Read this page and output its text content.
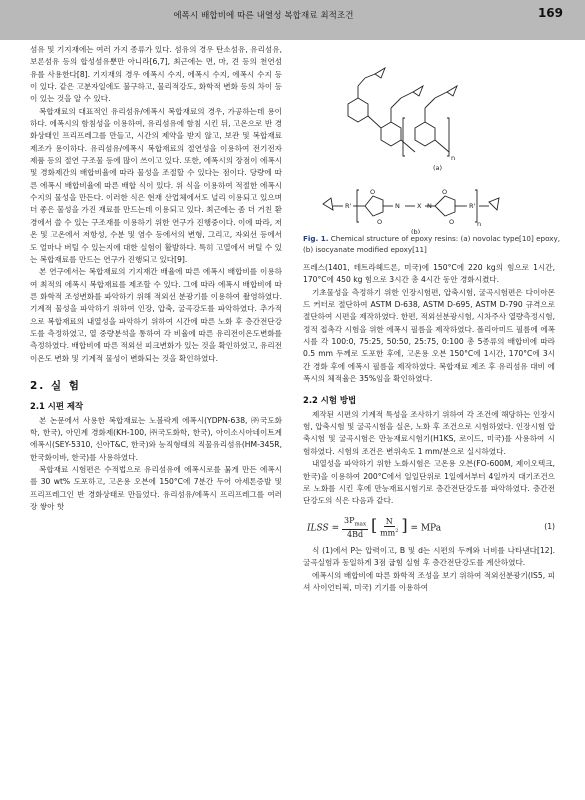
에폭시 배합비에 따른 내열성 복합재료 최적조건	169

섬유 및 기지재에는 여러 가지 종류가 있다. 섬유의 경우 탄소섬유, 유리섬유, 보론섬유 등의 합성섬유뿐만 아니라[6,7], 최근에는 면, 마, 견 등의 천연섬유를 사용한다[8]. 기지재의 경우 에폭시 수지, 에폭시 수지, 에폭시 수지 등이 있다. 같은 고분자일에도 불구하고, 물리적강도, 화학적 변화 등의 차이 등이 있는 것을 알 수 있다.

복합재료의 대표적인 유리섬유/에폭시 복합재료의 경우, 가공하는데 용이하다. 에폭시의 함침성을 이용하여, 유리섬유에 함침 시킨 뒤, 고온으로 반 경화상태인 프리프레그를 만들고, 시간의 제약을 받지 않고, 보관 및 복합재료 제조가 용이하다. 유리섬유/에폭시 복합재료의 절연성을 이용하여 전기전자제품 등의 절연 구조물 등에 많이 쓰이고 있다. 또한, 에폭시의 장점이 에폭시 및 경화제간의 배합비율에 따라 물성을 조절할 수 있다는 점이다. 당량에 따른 에폭시 배합비율에 따른 배합 식이 있다. 위 식을 이용하여 적절한 에폭시수지의 물성을 만든다. 이러한 식은 현재 산업체에서도 널리 이용되고 있으며 더 좋은 물성을 가진 재료를 만드는데 이용되고 있다. 최근에는 좀 더 거친 환경에서 쓸 수 있는 구조재를 이용하기 위한 연구가 진행중이다. 이에 따라, 저온 및 고온에서 저항성, 수분 및 염수 등에서의 변형, 그리고, 자외선 등에서도 얼마나 버틸 수 있는지에 대한 실험이 활발하다. 특히 고열에서 버틸 수 있는 복합재료를 만드는 연구가 진행되고 있다[9].

본 연구에서는 복합재료의 기지재간 배율에 따른 에폭시 배합비를 이용하여 최적의 에폭시 복합재료를 제조할 수 있다. 그에 따라 에폭시 배합비에 따른 화학적 조성변화를 파악하기 위해 적외선 분광기를 이용하여 촬영하였다. 기계적 물성을 파악하기 위하여 인장, 압축, 굴곡강도를 파악하였다. 추가적으로 복합재료의 내열성을 파악하기 위하여 시간에 따른 노화 후 층간전단강도를 측정하였고, 열 중량분석을 통하여 각 비율에 따른 유리전이온도변화를 측정하였다. 배합비에 따른 적외선 피크변화가 있는 것을 확인하였고, 유리전이온도 변화 및 기계적 물성이 변화되는 것을 확인하였다.

2. 실 험
2.1 시편 제작

본 논문에서 사용한 복합재료는 노볼락계 에폭시(YDPN-638, ㈜국도화학, 한국), 아민계 경화제(KH-100, ㈜국도화학, 한국), 아이소시아네이트계 에폭시(SEY-5310, 신아T&C, 한국)와 능직형태의 직물유리섬유(HM-345R, 한국화이바, 한국)를 사용하였다.

복합재료 시험편은 수적법으로 유리섬유에 에폭시로를 묽게 만든 에폭시를 30 wt% 도포하고, 고온용 오븐에 150°C에 7분간 두어 아세톤증발 및 프리프레그인 반 경화상태로 만들었다. 유리섬유/에폭시 프리프레그를 여러장 쌓아 핫

(a)
n
n
R'
O
O
N	X N
O
O
R'
(b)
Fig. 1. Chemical structure of epoxy resins: (a) novolac type[10] epoxy, (b) isocyanate modified epoxy[11]

프레스(1401, 테트라헤드론, 미국)에 150°C에 220 kg의 힘으로 1시간, 170°C에 450 kg 힘으로 3시간 총 4시간 동안 경화시켰다.

기초물성을 측정하기 위한 인장시험편, 압축시험, 굴곡시험편은 다이아몬드 커터로 절단하여 ASTM D-638, ASTM D-695, ASTM D-790 규격으로 절단하여 시편을 제작하였다. 한편, 적외선분광시험, 시차주사 열량측정시험, 정적 접촉각 시험을 위한 에폭시 필름을 제작하였다. 폴리아미드 필름에 에폭시를 각 100:0, 75:25, 50:50, 25:75, 0:100 총 5종류의 배합비에 따라 0.5 mm 두께로 도포한 후에, 고온용 오븐 150°C에 1시간, 170°C에 3시간 경화 후에 에폭시 필름을 제작하였다. 복합재료 제조 후 유리섬유 대비 에폭시의 체적율은 35%임을 확인하였다.

2.2 시험 방법

제작된 시편의 기계적 특성을 조사하기 위하여 각 조건에 해당하는 인장시험, 압축시험 및 굴곡시험을 실온, 노화 후 조건으로 시험하였다. 인장시험 압축시험 및 굴곡시험은 만능재료시험기(H1KS, 로이드, 미국)를 사용하여 시험하였다. 시험의 조건은 변위속도 1 mm/분으로 실시하였다.

내열성을 파악하기 위한 노화시험은 고온용 오븐(FO-600M, 제이오텍크, 한국)을 이용하여 200°C에서 일일단위로 1일에서부터 4일까지 대기조건으로 노화를 시킨 후에 만능재료시험기로 층간전단강도를 파악하였다. 층간전단강도의 식은 다음과 같다.

ILSS = $\frac{3P_{max}}{4Bd}$ [ $\frac{N}{mm^2}$ ] = MPa	(1)

식 (1)에서 P는 압력이고, B 및 d는 시편의 두께와 너비를 나타낸다[12]. 굴곡실험과 동일하게 3점 굽힘 실험 후 층간전단강도를 계산하였다.

에폭시의 배합비에 따른 화학적 조성을 보기 위하여 적외선분광기(IS5, 피셔 사이언티픽, 미국) 기기를 이용하여
